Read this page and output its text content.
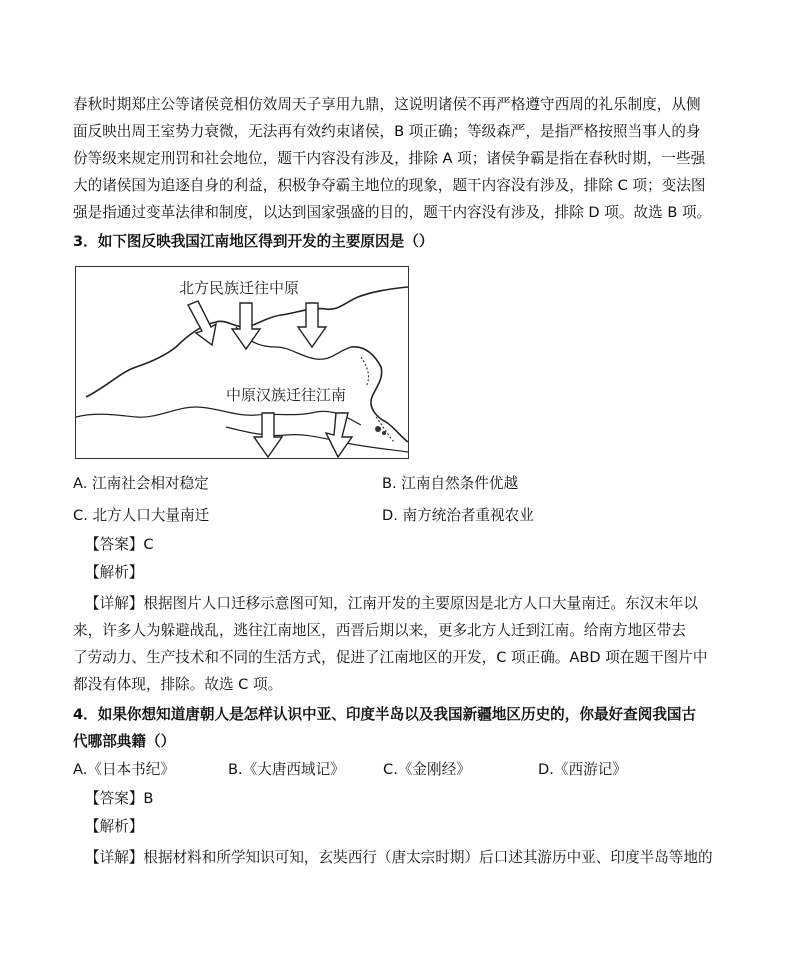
春秋时期郑庄公等诸侯竞相仿效周天子享用九鼎，这说明诸侯不再严格遵守西周的礼乐制度，从侧
面反映出周王室势力衰微，无法再有效约束诸侯，B 项正确；等级森严，是指严格按照当事人的身
份等级来规定刑罚和社会地位，题干内容没有涉及，排除 A 项；诸侯争霸是指在春秋时期，一些强
大的诸侯国为追逐自身的利益，积极争夺霸主地位的现象，题干内容没有涉及，排除 C 项；变法图
强是指通过变革法律和制度，以达到国家强盛的目的，题干内容没有涉及，排除 D 项。故选 B 项。
3．如下图反映我国江南地区得到开发的主要原因是（）
北方民族迁往中原
中原汉族迁往江南
A. 江南社会相对稳定	B. 江南自然条件优越
C. 北方人口大量南迁	D. 南方统治者重视农业
【答案】C
【解析】
【详解】根据图片人口迁移示意图可知，江南开发的主要原因是北方人口大量南迁。东汉末年以
来，许多人为躲避战乱，逃往江南地区，西晋后期以来，更多北方人迁到江南。给南方地区带去
了劳动力、生产技术和不同的生活方式，促进了江南地区的开发，C 项正确。ABD 项在题干图片中
都没有体现，排除。故选 C 项。
4．如果你想知道唐朝人是怎样认识中亚、印度半岛以及我国新疆地区历史的，你最好查阅我国古
代哪部典籍（）
A.《日本书纪》	B.《大唐西域记》	C.《金刚经》	D.《西游记》
【答案】B
【解析】
【详解】根据材料和所学知识可知，玄奘西行（唐太宗时期）后口述其游历中亚、印度半岛等地的
